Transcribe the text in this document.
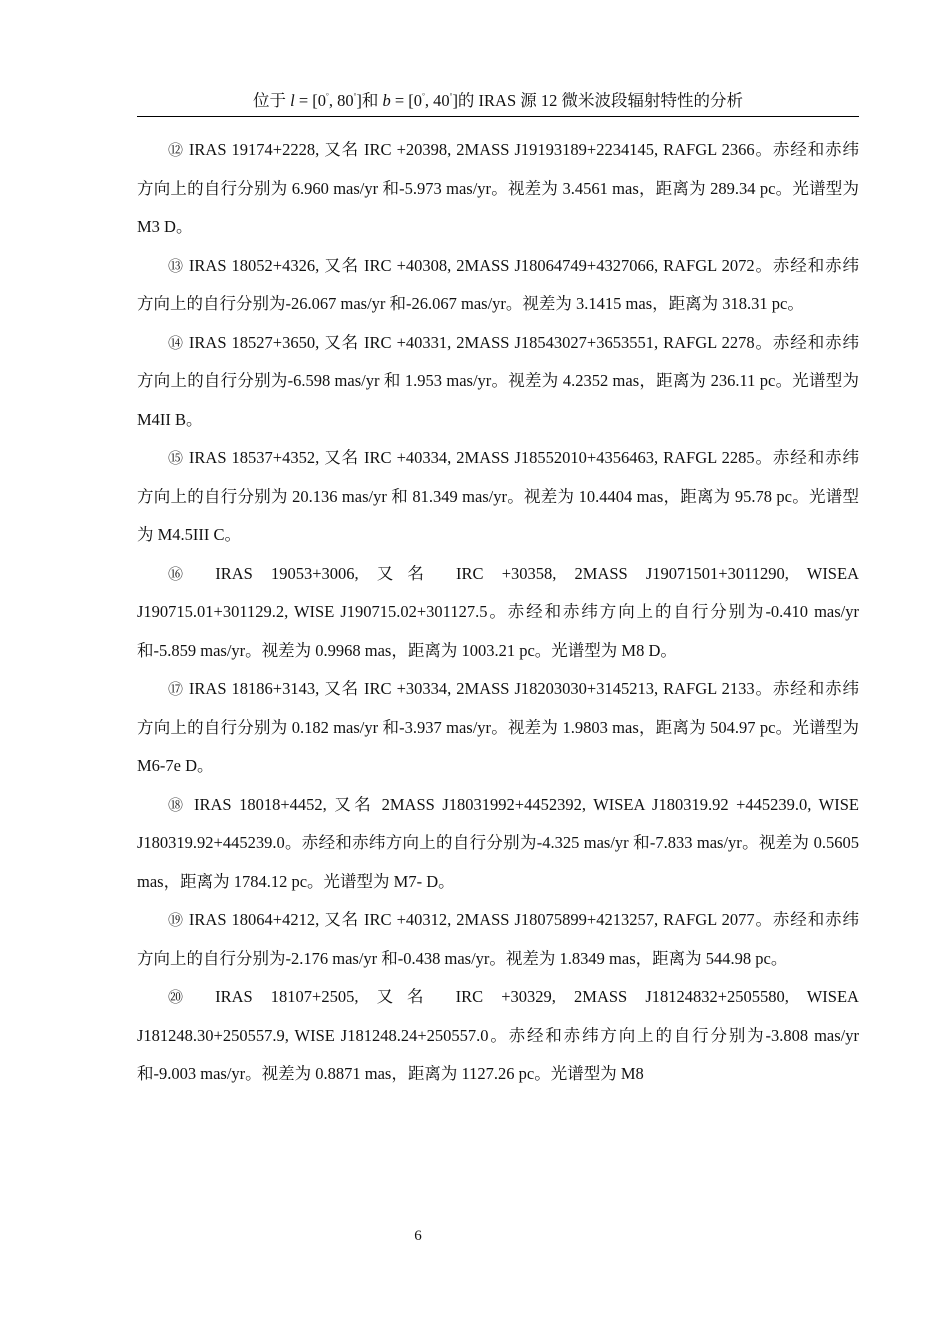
位于 l = [0°, 80°]和 b = [0°, 40°]的 IRAS 源 12 微米波段辐射特性的分析

⑫ IRAS 19174+2228, 又名 IRC +20398, 2MASS J19193189+2234145, RAFGL 2366。赤经和赤纬方向上的自行分别为 6.960 mas/yr 和-5.973 mas/yr。视差为 3.4561 mas，距离为 289.34 pc。光谱型为 M3 D。

⑬ IRAS 18052+4326, 又名 IRC +40308, 2MASS J18064749+4327066, RAFGL 2072。赤经和赤纬方向上的自行分别为-26.067 mas/yr 和-26.067 mas/yr。视差为 3.1415 mas，距离为 318.31 pc。

⑭ IRAS 18527+3650, 又名 IRC +40331, 2MASS J18543027+3653551, RAFGL 2278。赤经和赤纬方向上的自行分别为-6.598 mas/yr 和 1.953 mas/yr。视差为 4.2352 mas，距离为 236.11 pc。光谱型为 M4II B。

⑮ IRAS 18537+4352, 又名 IRC +40334, 2MASS J18552010+4356463, RAFGL 2285。赤经和赤纬方向上的自行分别为 20.136 mas/yr 和 81.349 mas/yr。视差为 10.4404 mas，距离为 95.78 pc。光谱型为 M4.5III C。

⑯ IRAS 19053+3006, 又名 IRC +30358, 2MASS J19071501+3011290, WISEA J190715.01+301129.2, WISE J190715.02+301127.5。赤经和赤纬方向上的自行分别为-0.410 mas/yr 和-5.859 mas/yr。视差为 0.9968 mas，距离为 1003.21 pc。光谱型为 M8 D。

⑰ IRAS 18186+3143, 又名 IRC +30334, 2MASS J18203030+3145213, RAFGL 2133。赤经和赤纬方向上的自行分别为 0.182 mas/yr 和-3.937 mas/yr。视差为 1.9803 mas，距离为 504.97 pc。光谱型为 M6-7e D。

⑱ IRAS 18018+4452, 又名 2MASS J18031992+4452392, WISEA J180319.92 +445239.0, WISE J180319.92+445239.0。赤经和赤纬方向上的自行分别为-4.325 mas/yr 和-7.833 mas/yr。视差为 0.5605 mas，距离为 1784.12 pc。光谱型为 M7- D。

⑲ IRAS 18064+4212, 又名 IRC +40312, 2MASS J18075899+4213257, RAFGL 2077。赤经和赤纬方向上的自行分别为-2.176 mas/yr 和-0.438 mas/yr。视差为 1.8349 mas，距离为 544.98 pc。

⑳ IRAS 18107+2505, 又名 IRC +30329, 2MASS J18124832+2505580, WISEA J181248.30+250557.9, WISE J181248.24+250557.0。赤经和赤纬方向上的自行分别为-3.808 mas/yr 和-9.003 mas/yr。视差为 0.8871 mas，距离为 1127.26 pc。光谱型为 M8

6
